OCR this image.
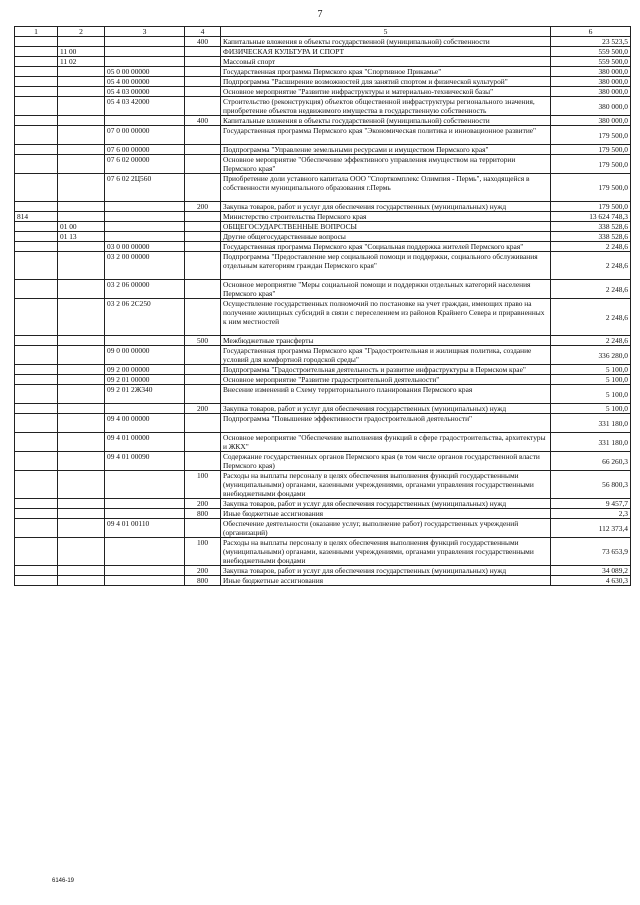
7
1	2	3	4	5	6
			400	Капитальные вложения в объекты государственной (муниципальной) собственности	23 523,5
	11 00			ФИЗИЧЕСКАЯ КУЛЬТУРА И СПОРТ	559 500,0
	11 02			Массовый спорт	559 500,0
		05 0 00 00000		Государственная программа Пермского края "Спортивное Прикамье"	380 000,0
		05 4 00 00000		Подпрограмма "Расширение возможностей для занятий спортом и физической культурой"	380 000,0
		05 4 03 00000		Основное мероприятие "Развитие инфраструктуры и материально-технической базы"	380 000,0
		05 4 03 42000		Строительство (реконструкция) объектов общественной инфраструктуры регионального значения, приобретение объектов недвижимого имущества в государственную собственность	380 000,0
			400	Капитальные вложения в объекты государственной (муниципальной) собственности	380 000,0
		07 0 00 00000		Государственная программа Пермского края "Экономическая политика и инновационное развитие"	179 500,0
		07 6 00 00000		Подпрограмма "Управление земельными ресурсами и имуществом Пермского края"	179 500,0
		07 6 02 00000		Основное мероприятие "Обеспечение эффективного управления имуществом на территории Пермского края"	179 500,0
		07 6 02 2Ц560		Приобретение доли уставного капитала ООО "Спорткомплекс Олимпия - Пермь", находящейся в собственности муниципального образования г.Пермь	179 500,0
			200	Закупка товаров, работ и услуг для обеспечения государственных (муниципальных) нужд	179 500,0
814				Министерство строительства Пермского края	13 624 748,3
	01 00			ОБЩЕГОСУДАРСТВЕННЫЕ ВОПРОСЫ	338 528,6
	01 13			Другие общегосударственные вопросы	338 528,6
		03 0 00 00000		Государственная программа Пермского края "Социальная поддержка жителей Пермского края"	2 248,6
		03 2 00 00000		Подпрограмма "Предоставление мер социальной помощи и поддержки, социального обслуживания отдельным категориям граждан Пермского края"	2 248,6
		03 2 06 00000		Основное мероприятие "Меры социальной помощи и поддержки отдельных категорий населения Пермского края"	2 248,6
		03 2 06 2С250		Осуществление государственных полномочий по постановке на учет граждан, имеющих право на получение жилищных субсидий в связи с переселением из районов Крайнего Севера и приравненных к ним местностей	2 248,6
			500	Межбюджетные трансферты	2 248,6
		09 0 00 00000		Государственная программа Пермского края "Градостроительная и жилищная политика, создание условий для комфортной городской среды"	336 280,0
		09 2 00 00000		Подпрограмма "Градостроительная деятельность и развитие инфраструктуры в Пермском крае"	5 100,0
		09 2 01 00000		Основное мероприятие "Развитие градостроительной деятельности"	5 100,0
		09 2 01 2Ж340		Внесение изменений в Схему территориального планирования Пермского края	5 100,0
			200	Закупка товаров, работ и услуг для обеспечения государственных (муниципальных) нужд	5 100,0
		09 4 00 00000		Подпрограмма "Повышение эффективности градостроительной деятельности"	331 180,0
		09 4 01 00000		Основное мероприятие "Обеспечение выполнения функций в сфере градостроительства, архитектуры и ЖКХ"	331 180,0
		09 4 01 00090		Содержание государственных органов Пермского края (в том числе органов государственной власти Пермского края)	66 260,3
			100	Расходы на выплаты персоналу в целях обеспечения выполнения функций государственными (муниципальными) органами, казенными учреждениями, органами управления государственными внебюджетными фондами	56 800,3
			200	Закупка товаров, работ и услуг для обеспечения государственных (муниципальных) нужд	9 457,7
			800	Иные бюджетные ассигнования	2,3
		09 4 01 00110		Обеспечение деятельности (оказание услуг, выполнение работ) государственных учреждений (организаций)	112 373,4
			100	Расходы на выплаты персоналу в целях обеспечения выполнения функций государственными (муниципальными) органами, казенными учреждениями, органами управления государственными внебюджетными фондами	73 653,9
			200	Закупка товаров, работ и услуг для обеспечения государственных (муниципальных) нужд	34 089,2
			800	Иные бюджетные ассигнования	4 630,3
6146-19
